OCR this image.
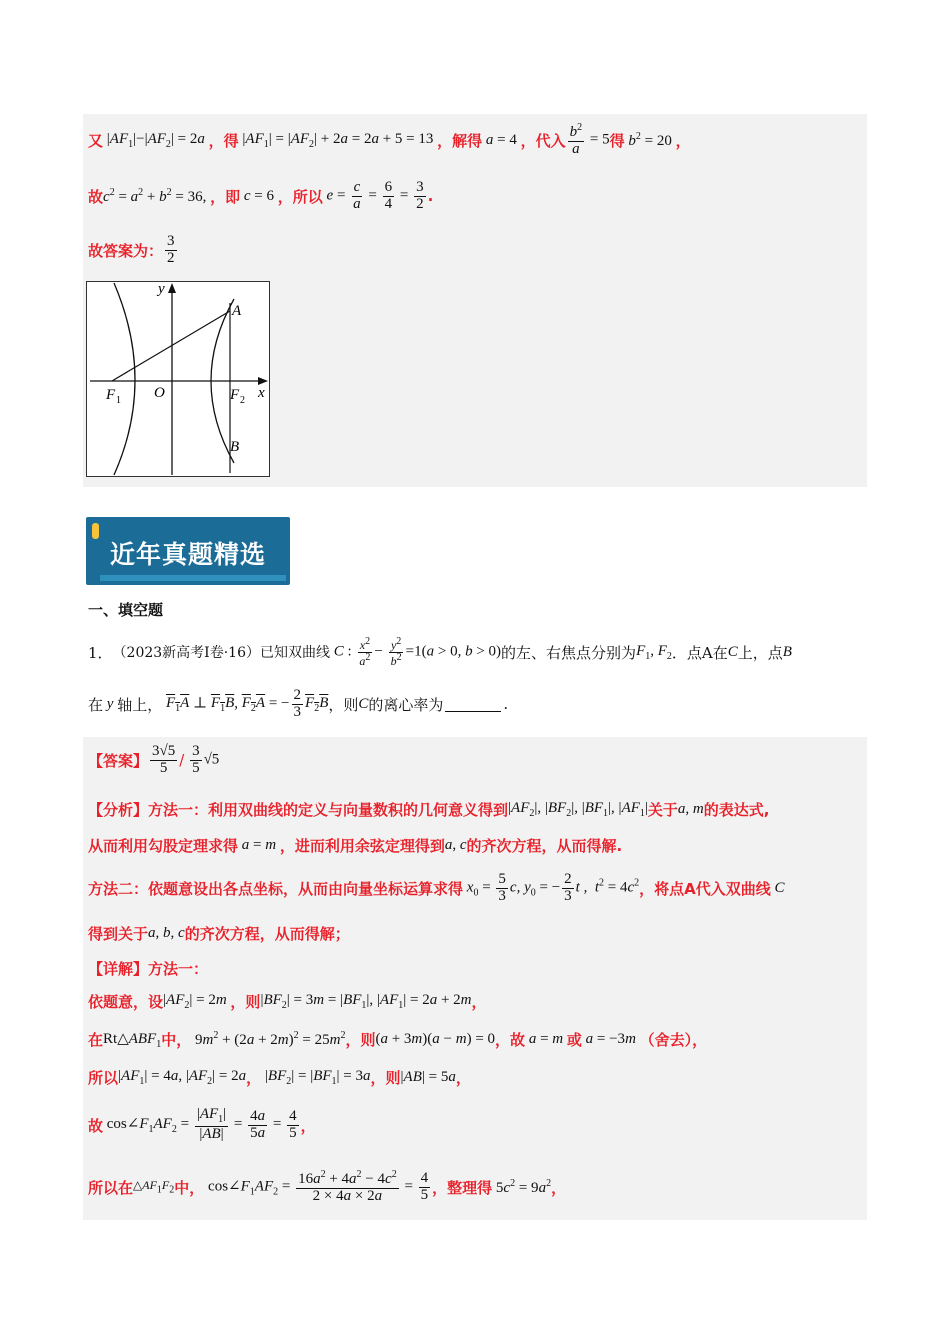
又 $|AF_1|-|AF_2| = 2a$ ，得 $|AF_1| = |AF_2| + 2a = 2a + 5 = 13$ ，解得 a = 4 ，代入 $\frac{b^2}{a} = 5$ 得 $b^2 = 20$ ，
故 $c^2 = a^2 + b^2 = 36$, ，即 c = 6 ，所以 $e = \frac{c}{a} = \frac{6}{4} = \frac{3}{2}$ .
故答案为： $\frac{3}{2}$
y
x
A
B
O
F 1	F 2
近年真题精选
一、填空题
1． （2023新高考Ⅰ卷·16）已知双曲线 C : $\frac{x^2}{a^2} - \frac{y^2}{b^2} =1(a > 0$, b > 0) 的左、右焦点分别为 $F_1$, $F_2$ ．点A在 C 上，点 B
在 y 轴上， $F_1A$ ⊥ $F_1B$, $F_2A$ = − $\frac{2}{3} F_2B$ ，则 C 的离心率为	.
【答案】 $\frac{3√5}{5}$ /
$\frac{3}{5} √5$
【分析】方法一：利用双曲线的定义与向量数积的几何意义得到 $|AF_2|$, $|BF_2|$, $|BF_1|$, $|AF_1|$ 关于 a, m 的表达式,
从而利用勾股定理求得 a = m ，进而利用余弦定理得到 a, c 的齐次方程，从而得解.
方法二：依题意设出各点坐标，从而由向量坐标运算求得 $x_0 = \frac{5}{3} c$, $y_0$ = − $\frac{2}{3}$ t ,  $t^2 = 4c^2$ ，将点A代入双曲线 C
得到关于 a, b, c 的齐次方程，从而得解；
【详解】方法一：
依题意，设 $|AF_2| = 2m$ ，则 $|BF_2| = 3m = |BF_1|$, $|AF_1| = 2a + 2m$ ，
在 $Rt\triangle ABF_1$ 中， $9m^2 + (2a + 2m)^2 = 25m^2$ ，则 (a + 3m)(a − m) = 0 ，故 a = m 或 a = −3m （舍去），
所以 $|AF_1| = 4a$, $|AF_2| = 2a$ ， $|BF_2| = |BF_1| = 3a$ ，则 |AB| = 5a ，
故 $\cos\angle F_1AF_2 = \frac{|AF_1|}{|AB|} = \frac{4a}{5a} = \frac{4}{5}$ ，
所以在 $\triangle AF_1F_2$ 中， $\cos\angle F_1AF_2 = \frac{16a^2 + 4a^2 - 4c^2}{2 \times 4a \times 2a} = \frac{4}{5}$ ，整理得 $5c^2 = 9a^2$ ，
